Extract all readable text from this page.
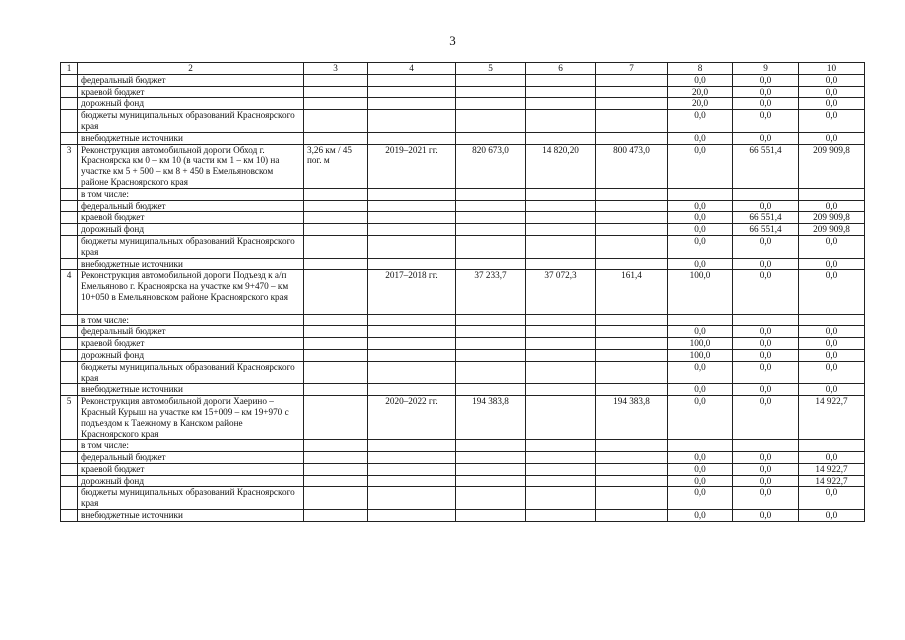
3
1	2	3	4	5	6	7	8	9	10
	федеральный бюджет						0,0	0,0	0,0
	краевой бюджет						20,0	0,0	0,0
	дорожный фонд						20,0	0,0	0,0
	бюджеты муниципальных образований Красноярского края						0,0	0,0	0,0
	внебюджетные источники						0,0	0,0	0,0
3	Реконструкция автомобильной дороги Обход г. Красноярска км 0 – км 10 (в части км 1 – км 10) на участке км 5 + 500 – км 8 + 450 в Емельяновском районе Красноярского края	3,26 км / 45 пог. м	2019–2021 гг.	820 673,0	14 820,20	800 473,0	0,0	66 551,4	209 909,8
	в том числе:								
	федеральный бюджет						0,0	0,0	0,0
	краевой бюджет						0,0	66 551,4	209 909,8
	дорожный фонд						0,0	66 551,4	209 909,8
	бюджеты муниципальных образований Красноярского края						0,0	0,0	0,0
	внебюджетные источники						0,0	0,0	0,0
4	Реконструкция автомобильной дороги Подъезд к а/п Емельяново г. Красноярска на участке км 9+470 – км 10+050 в Емельяновском районе Красноярского края		2017–2018 гг.	37 233,7	37 072,3	161,4	100,0	0,0	0,0
	в том числе:								
	федеральный бюджет						0,0	0,0	0,0
	краевой бюджет						100,0	0,0	0,0
	дорожный фонд						100,0	0,0	0,0
	бюджеты муниципальных образований Красноярского края						0,0	0,0	0,0
	внебюджетные источники						0,0	0,0	0,0
5	Реконструкция автомобильной дороги Хаерино – Красный Курыш на участке км 15+009 – км 19+970 с подъездом к Таежному в Канском районе Красноярского края		2020–2022 гг.	194 383,8		194 383,8	0,0	0,0	14 922,7
	в том числе:								
	федеральный бюджет						0,0	0,0	0,0
	краевой бюджет						0,0	0,0	14 922,7
	дорожный фонд						0,0	0,0	14 922,7
	бюджеты муниципальных образований Красноярского края						0,0	0,0	0,0
	внебюджетные источники						0,0	0,0	0,0
